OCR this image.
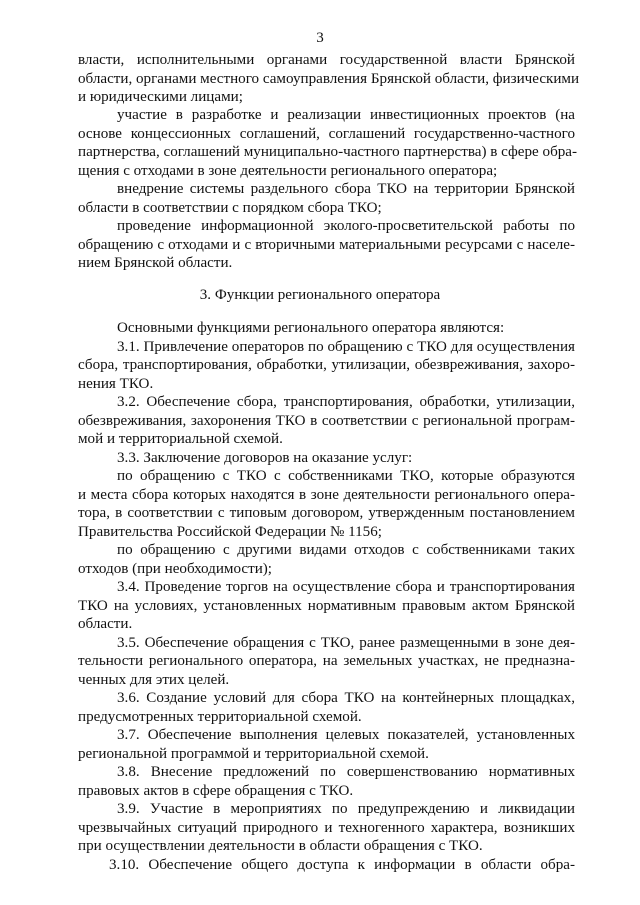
3
власти, исполнительными органами государственной власти Брянской
области, органами местного самоуправления Брянской области, физическими
и юридическими лицами;
участие в разработке и реализации инвестиционных проектов (на
основе концессионных соглашений, соглашений государственно-частного
партнерства, соглашений муниципально-частного партнерства) в сфере обра-
щения с отходами в зоне деятельности регионального оператора;
внедрение системы раздельного сбора ТКО на территории Брянской
области в соответствии с порядком сбора ТКО;
проведение информационной эколого-просветительской работы по
обращению с отходами и с вторичными материальными ресурсами с населе-
нием Брянской области.
3. Функции регионального оператора
Основными функциями регионального оператора являются:
3.1. Привлечение операторов по обращению с ТКО для осуществления
сбора, транспортирования, обработки, утилизации, обезвреживания, захоро-
нения ТКО.
3.2. Обеспечение сбора, транспортирования, обработки, утилизации,
обезвреживания, захоронения ТКО в соответствии с региональной програм-
мой и территориальной схемой.
3.3. Заключение договоров на оказание услуг:
по обращению с ТКО с собственниками ТКО, которые образуются
и места сбора которых находятся в зоне деятельности регионального опера-
тора, в соответствии с типовым договором, утвержденным постановлением
Правительства Российской Федерации № 1156;
по обращению с другими видами отходов с собственниками таких
отходов (при необходимости);
3.4. Проведение торгов на осуществление сбора и транспортирования
ТКО на условиях, установленных нормативным правовым актом Брянской
области.
3.5. Обеспечение обращения с ТКО, ранее размещенными в зоне дея-
тельности регионального оператора, на земельных участках, не предназна-
ченных для этих целей.
3.6. Создание условий для сбора ТКО на контейнерных площадках,
предусмотренных территориальной схемой.
3.7. Обеспечение выполнения целевых показателей, установленных
региональной программой и территориальной схемой.
3.8. Внесение предложений по совершенствованию нормативных
правовых актов в сфере обращения с ТКО.
3.9. Участие в мероприятиях по предупреждению и ликвидации
чрезвычайных ситуаций природного и техногенного характера, возникших
при осуществлении деятельности в области обращения с ТКО.
3.10. Обеспечение общего доступа к информации в области обра-
